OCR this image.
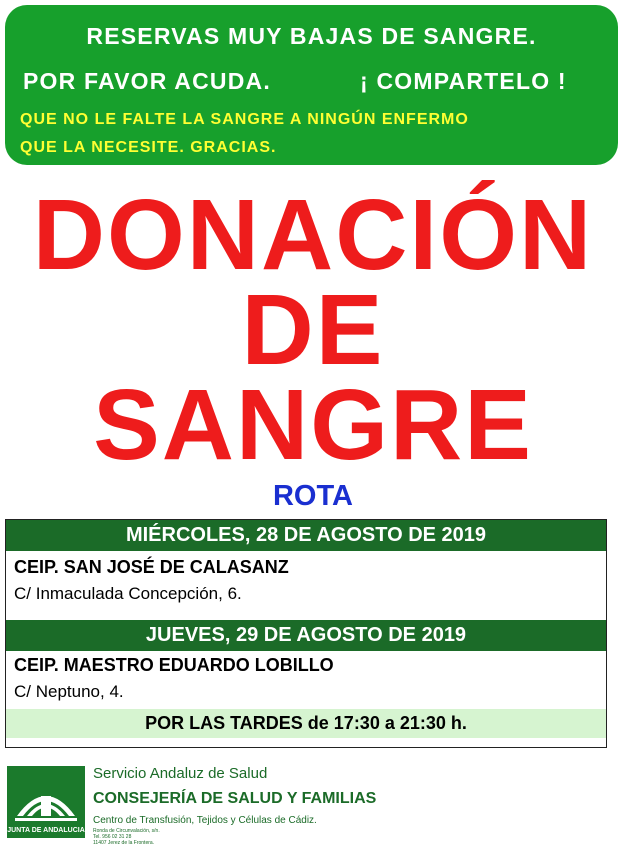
RESERVAS MUY BAJAS DE SANGRE.
POR FAVOR ACUDA.	¡ COMPARTELO !
QUE NO LE FALTE LA SANGRE A NINGÚN ENFERMO
QUE LA NECESITE. GRACIAS.
DONACIÓN
DE
SANGRE
ROTA
MIÉRCOLES, 28 DE AGOSTO DE 2019
CEIP. SAN JOSÉ DE CALASANZ
C/ Inmaculada Concepción, 6.
JUEVES, 29 DE AGOSTO DE 2019
CEIP. MAESTRO EDUARDO LOBILLO
C/ Neptuno, 4.
POR LAS TARDES de 17:30 a 21:30 h.
JUNTA DE ANDALUCIA
Servicio Andaluz de Salud
CONSEJERÍA DE SALUD Y FAMILIAS
Centro de Transfusión, Tejidos y Células de Cádiz.
Ronda de Circunvalación, s/n.
Tel. 956 02 31 28
11407 Jerez de la Frontera.
